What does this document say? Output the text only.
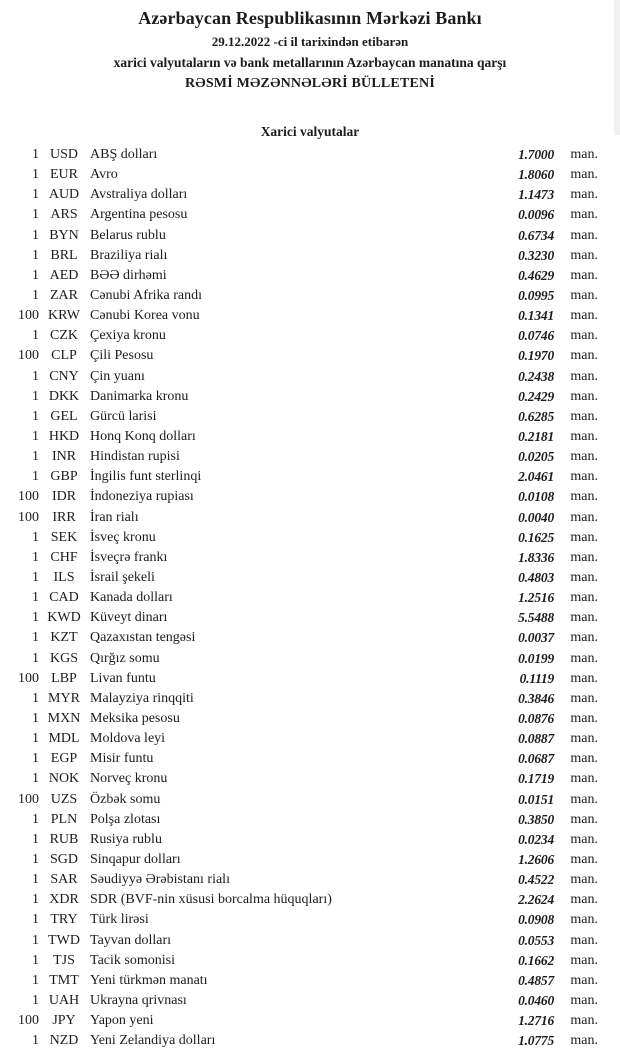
Azərbaycan Respublikasının Mərkəzi Bankı
29.12.2022 -ci il tarixindən etibarən
xarici valyutaların və bank metallarının Azərbaycan manatına qarşı
RƏSMİ MƏZƏNNƏLƏRİ BÜLLETENİ
Xarici valyutalar
1 USD ABŞ dolları	1.7000	man.
1 EUR Avro	1.8060	man.
1 AUD Avstraliya dolları	1.1473	man.
1 ARS Argentina pesosu	0.0096	man.
1 BYN Belarus rublu	0.6734	man.
1 BRL Braziliya rialı	0.3230	man.
1 AED BƏƏ dirhəmi	0.4629	man.
1 ZAR Cənubi Afrika randı	0.0995	man.
100 KRW Cənubi Korea vonu	0.1341	man.
1 CZK Çexiya kronu	0.0746	man.
100 CLP Çili Pesosu	0.1970	man.
1 CNY Çin yuanı	0.2438	man.
1 DKK Danimarka kronu	0.2429	man.
1 GEL Gürcü larisi	0.6285	man.
1 HKD Honq Konq dolları	0.2181	man.
1 INR Hindistan rupisi	0.0205	man.
1 GBP İngilis funt sterlinqi	2.0461	man.
100 IDR İndoneziya rupiası	0.0108	man.
100 IRR	İran rialı	0.0040	man.
1 SEK İsveç kronu	0.1625	man.
1 CHF İsveçrə frankı	1.8336	man.
1	ILS	İsrail şekeli	0.4803	man.
1 CAD Kanada dolları	1.2516	man.
1 KWD Küveyt dinarı	5.5488	man.
1 KZT Qazaxıstan tengəsi	0.0037	man.
1 KGS Qırğız somu	0.0199	man.
100 LBP Livan funtu	0.1119	man.
1 MYR Malayziya rinqqiti	0.3846	man.
1 MXN Meksika pesosu	0.0876	man.
1 MDL Moldova leyi	0.0887	man.
1 EGP Misir funtu	0.0687	man.
1 NOK Norveç kronu	0.1719	man.
100 UZS Özbək somu	0.0151	man.
1 PLN Polşa zlotası	0.3850	man.
1 RUB Rusiya rublu	0.0234	man.
1 SGD Sinqapur dolları	1.2606	man.
1 SAR Səudiyyə Ərəbistanı rialı	0.4522	man.
1 XDR SDR (BVF-nin xüsusi borcalma hüquqları)	2.2624	man.
1 TRY Türk lirəsi	0.0908	man.
1 TWD Tayvan dolları	0.0553	man.
1	TJS	Tacik somonisi	0.1662	man.
1 TMT Yeni türkmən manatı	0.4857	man.
1 UAH Ukrayna qrivnası	0.0460	man.
100 JPY	Yapon yeni	1.2716	man.
1 NZD Yeni Zelandiya dolları	1.0775	man.
